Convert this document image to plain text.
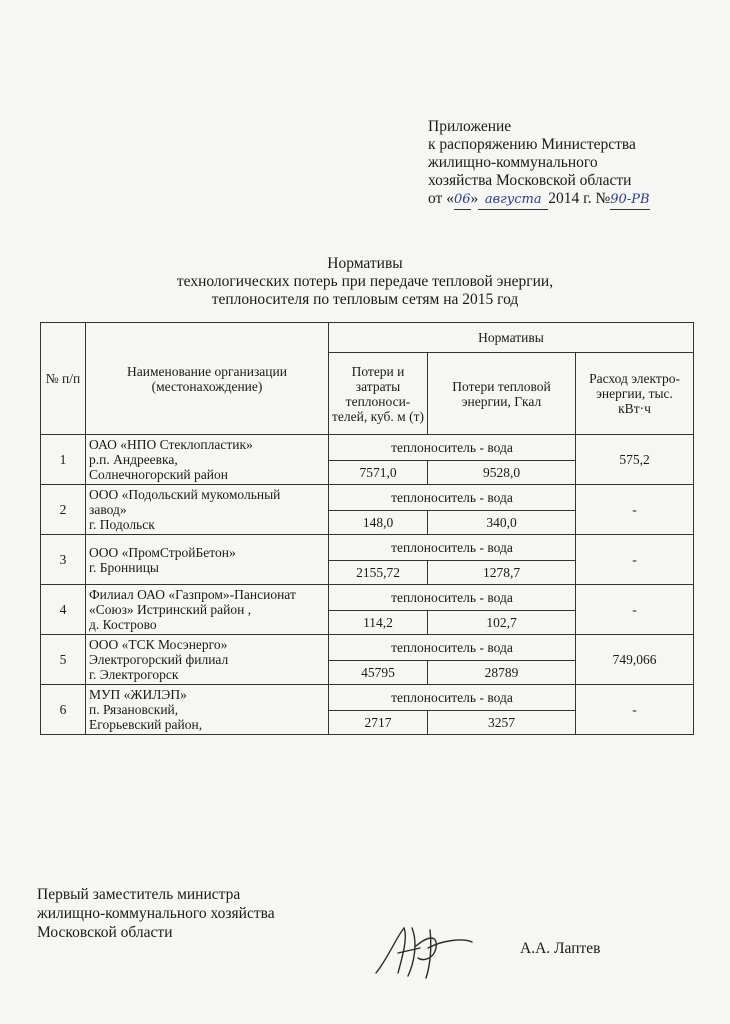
Приложение
к распоряжению Министерства
жилищно-коммунального
хозяйства Московской области
от «06» августа 2014 г. №90-РВ
Нормативы
технологических потерь при передаче тепловой энергии,
теплоносителя по тепловым сетям на 2015 год
№ п/п	Наименование организации (местонахождение)	Нормативы		
		Потери и затраты теплоноси-телей, куб. м (т)	Потери тепловой энергии, Гкал	Расход электро-энергии, тыс. кВт·ч
1	ОАО «НПО Стеклопластик»
р.п. Андреевка,
Солнечногорский район	теплоноситель - вода		575,2
		7571,0	9528,0	
2	ООО «Подольский мукомольный
завод»
г. Подольск	теплоноситель - вода		-
		148,0	340,0	
3	ООО «ПромСтройБетон»
г. Бронницы	теплоноситель - вода		-
		2155,72	1278,7	
4	Филиал ОАО «Газпром»-Пансионат
«Союз» Истринский район ,
д. Кострово	теплоноситель - вода		-
		114,2	102,7	
5	ООО «ТСК Мосэнерго»
Электрогорский филиал
г. Электрогорск	теплоноситель - вода		749,066
		45795	28789	
6	МУП «ЖИЛЭП»
п. Рязановский,
Егорьевский район,	теплоноситель - вода		-
		2717	3257	
Первый заместитель министра
жилищно-коммунального хозяйства
Московской области
А.А. Лаптев
